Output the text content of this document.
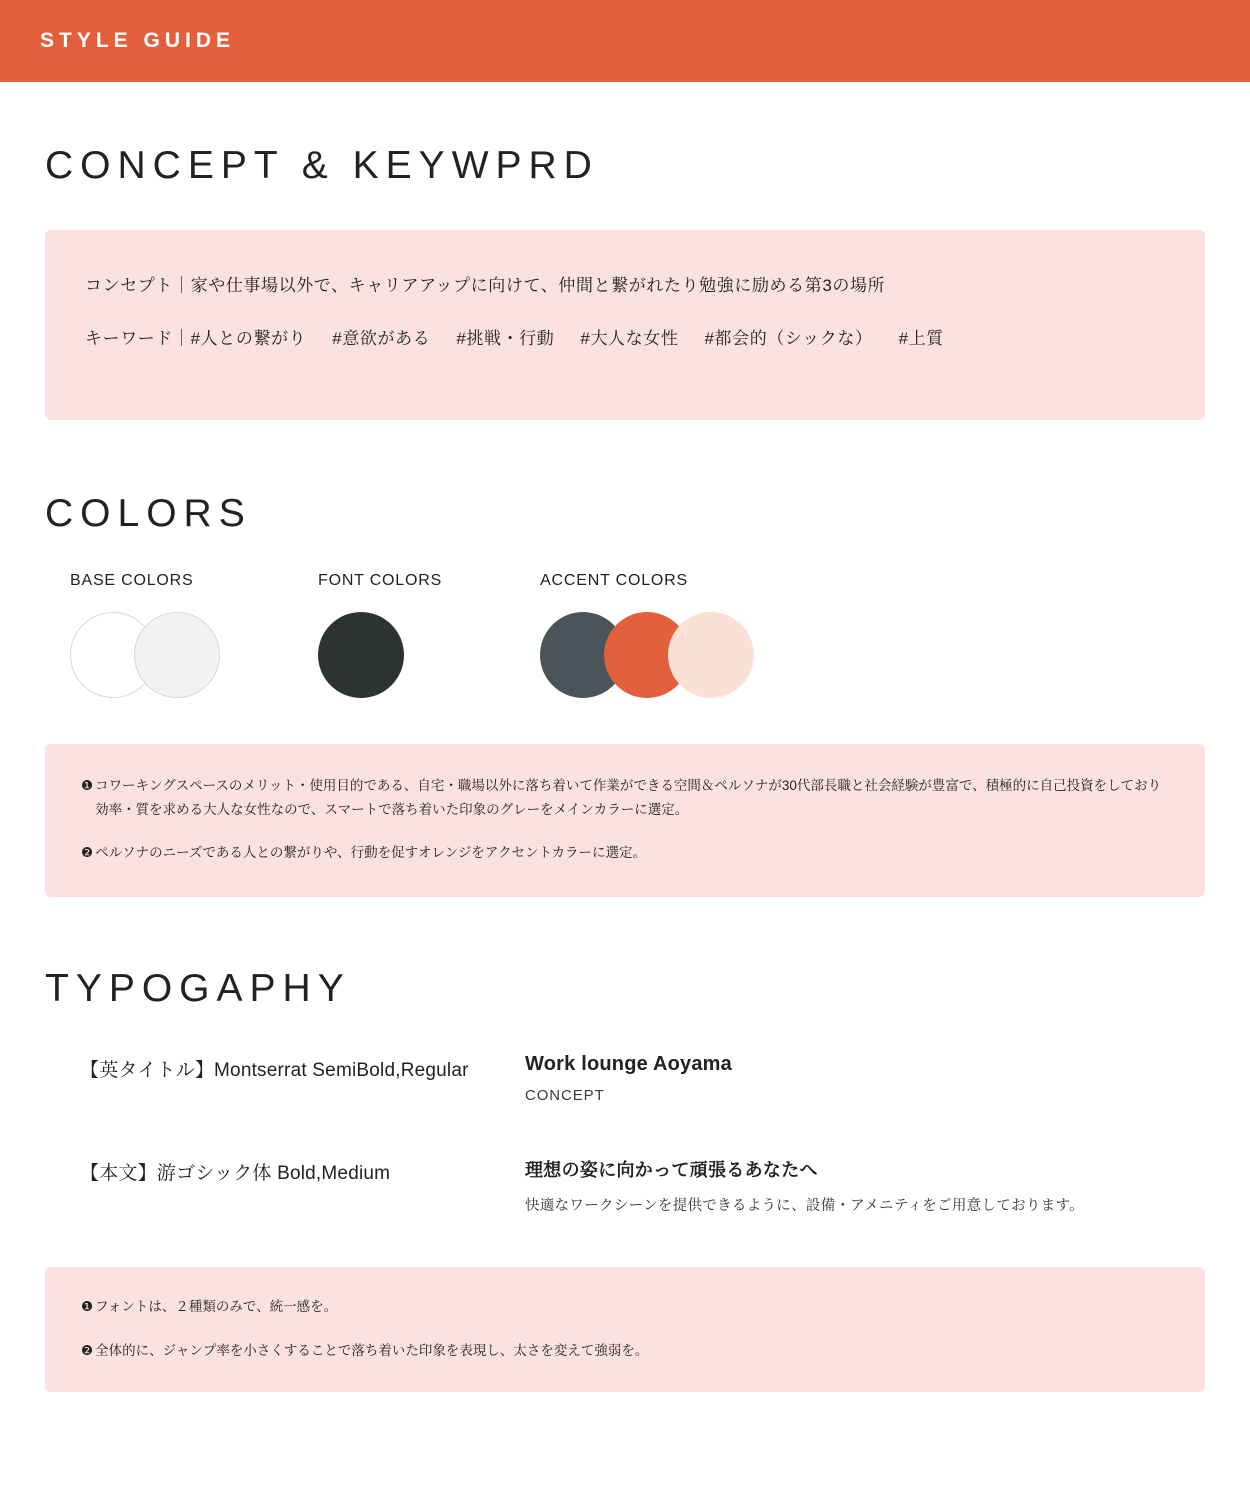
STYLE GUIDE
CONCEPT & KEYWPRD
コンセプト｜家や仕事場以外で、キャリアアップに向けて、仲間と繋がれたり勉強に励める第3の場所
キーワード｜#人との繋がり #意欲がある #挑戦・行動 #大人な女性 #都会的（シックな） #上質
COLORS
BASE COLORS	FONT COLORS	ACCENT COLORS
❶ コワーキングスペースのメリット・使用目的である、自宅・職場以外に落ち着いて作業ができる空間＆ペルソナが30代部長職と社会経験が豊富で、積極的に自己投資をしており効率・質を求める大人な女性なので、スマートで落ち着いた印象のグレーをメインカラーに選定。
❷ ペルソナのニーズである人との繋がりや、行動を促すオレンジをアクセントカラーに選定。
TYPOGAPHY
【英タイトル】Montserrat SemiBold,Regular	Work lounge Aoyama
CONCEPT
【本文】游ゴシック体 Bold,Medium	理想の姿に向かって頑張るあなたへ
快適なワークシーンを提供できるように、設備・アメニティをご用意しております。
❶ フォントは、２種類のみで、統一感を。
❷ 全体的に、ジャンプ率を小さくすることで落ち着いた印象を表現し、太さを変えて強弱を。
